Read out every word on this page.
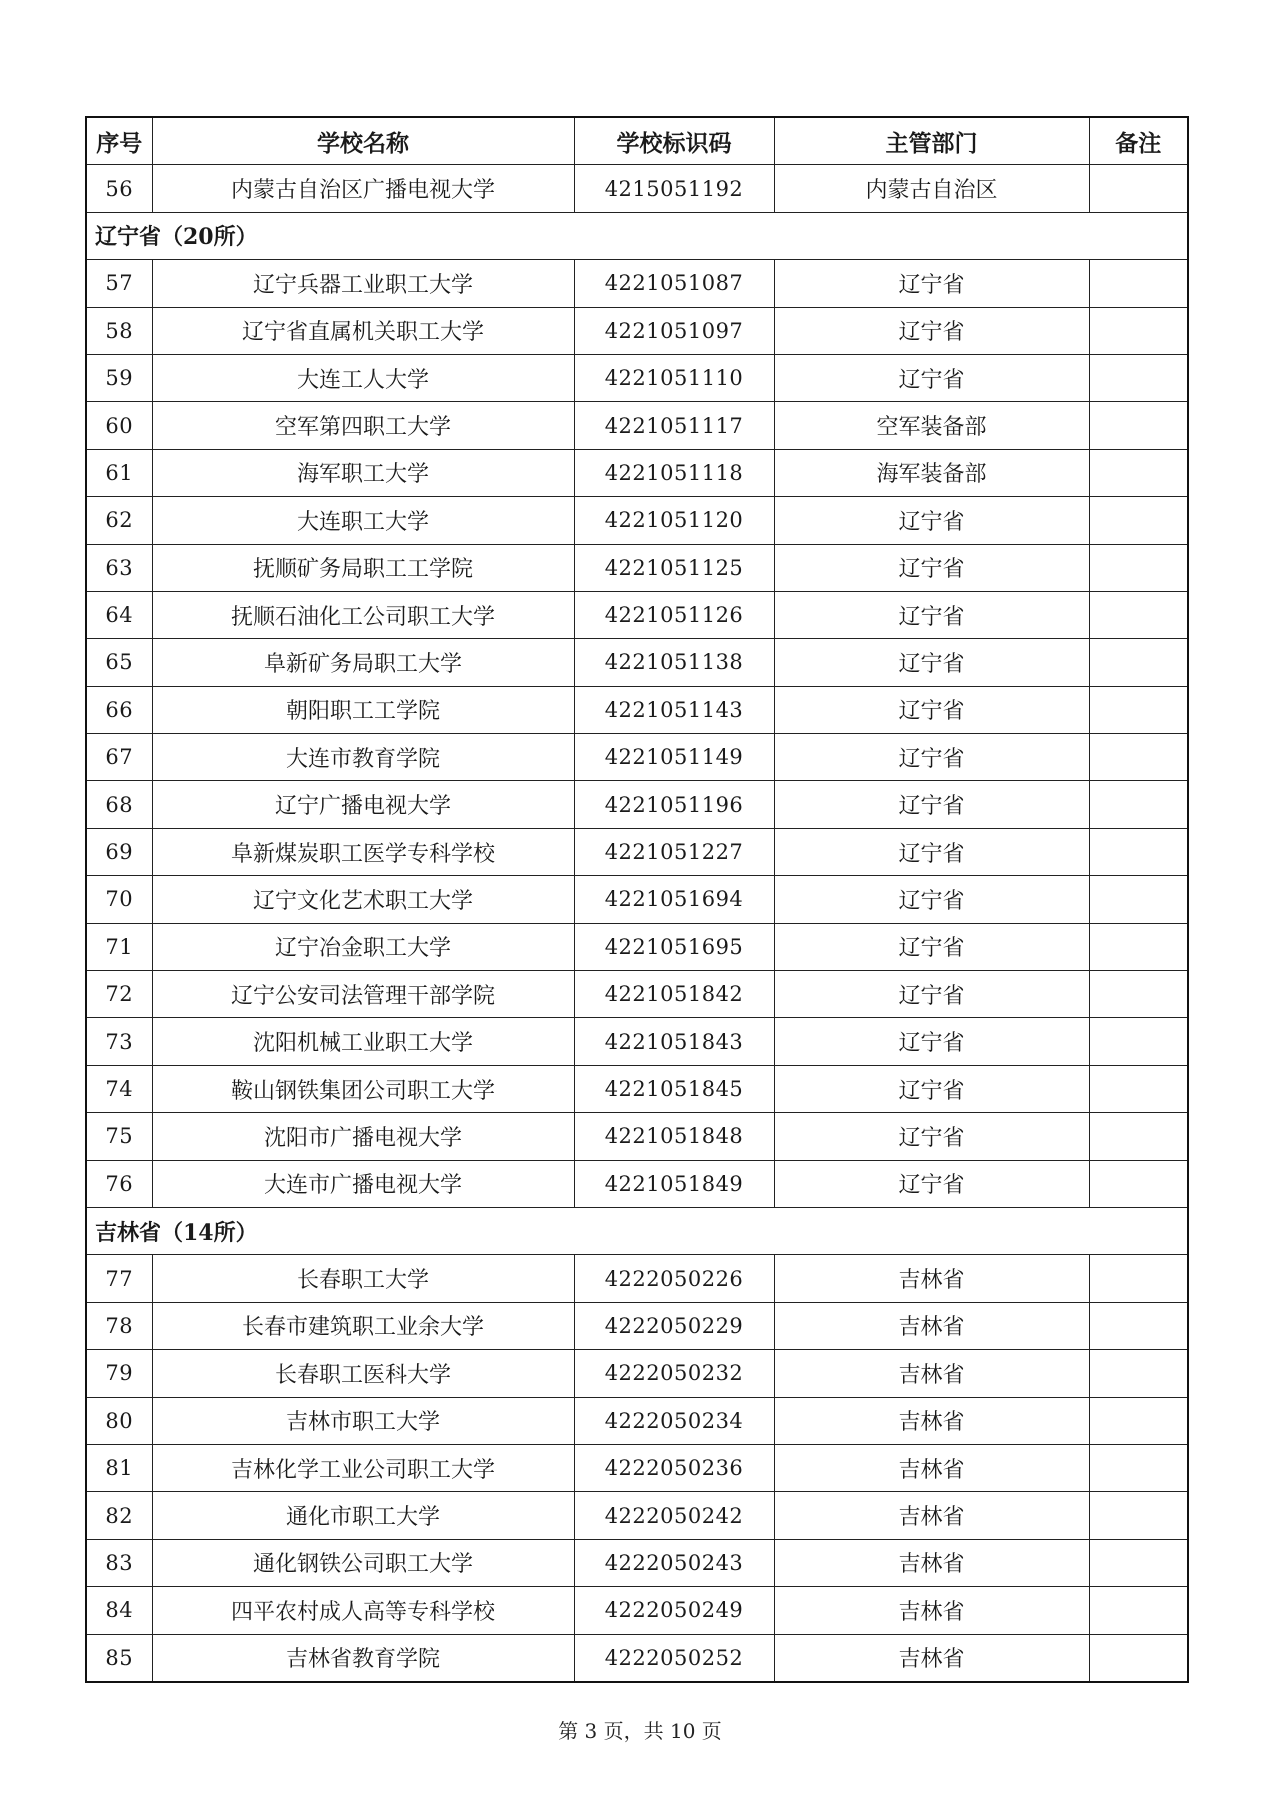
序号	学校名称	学校标识码	主管部门	备注
56	内蒙古自治区广播电视大学	4215051192	内蒙古自治区	
辽宁省（20所）				
57	辽宁兵器工业职工大学	4221051087	辽宁省	
58	辽宁省直属机关职工大学	4221051097	辽宁省	
59	大连工人大学	4221051110	辽宁省	
60	空军第四职工大学	4221051117	空军装备部	
61	海军职工大学	4221051118	海军装备部	
62	大连职工大学	4221051120	辽宁省	
63	抚顺矿务局职工工学院	4221051125	辽宁省	
64	抚顺石油化工公司职工大学	4221051126	辽宁省	
65	阜新矿务局职工大学	4221051138	辽宁省	
66	朝阳职工工学院	4221051143	辽宁省	
67	大连市教育学院	4221051149	辽宁省	
68	辽宁广播电视大学	4221051196	辽宁省	
69	阜新煤炭职工医学专科学校	4221051227	辽宁省	
70	辽宁文化艺术职工大学	4221051694	辽宁省	
71	辽宁冶金职工大学	4221051695	辽宁省	
72	辽宁公安司法管理干部学院	4221051842	辽宁省	
73	沈阳机械工业职工大学	4221051843	辽宁省	
74	鞍山钢铁集团公司职工大学	4221051845	辽宁省	
75	沈阳市广播电视大学	4221051848	辽宁省	
76	大连市广播电视大学	4221051849	辽宁省	
吉林省（14所）				
77	长春职工大学	4222050226	吉林省	
78	长春市建筑职工业余大学	4222050229	吉林省	
79	长春职工医科大学	4222050232	吉林省	
80	吉林市职工大学	4222050234	吉林省	
81	吉林化学工业公司职工大学	4222050236	吉林省	
82	通化市职工大学	4222050242	吉林省	
83	通化钢铁公司职工大学	4222050243	吉林省	
84	四平农村成人高等专科学校	4222050249	吉林省	
85	吉林省教育学院	4222050252	吉林省	
第 3 页，共 10 页
